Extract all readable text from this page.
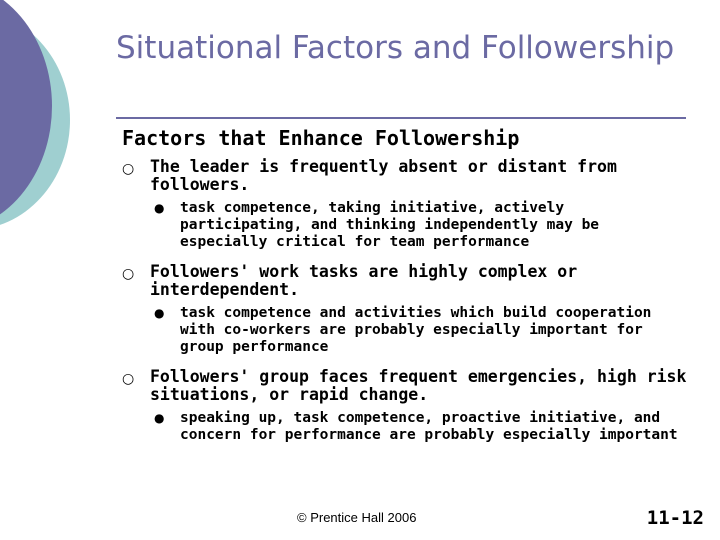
Situational Factors and Followership

Factors that Enhance Followership

○ The leader is frequently absent or distant from followers.
● task competence, taking initiative, actively participating, and thinking independently may be especially critical for team performance
○ Followers' work tasks are highly complex or interdependent.
● task competence and activities which build cooperation with co-workers are probably especially important for group performance
○ Followers' group faces frequent emergencies, high risk situations, or rapid change.
● speaking up, task competence, proactive initiative, and concern for performance are probably especially important
© Prentice Hall 2006	11-12
